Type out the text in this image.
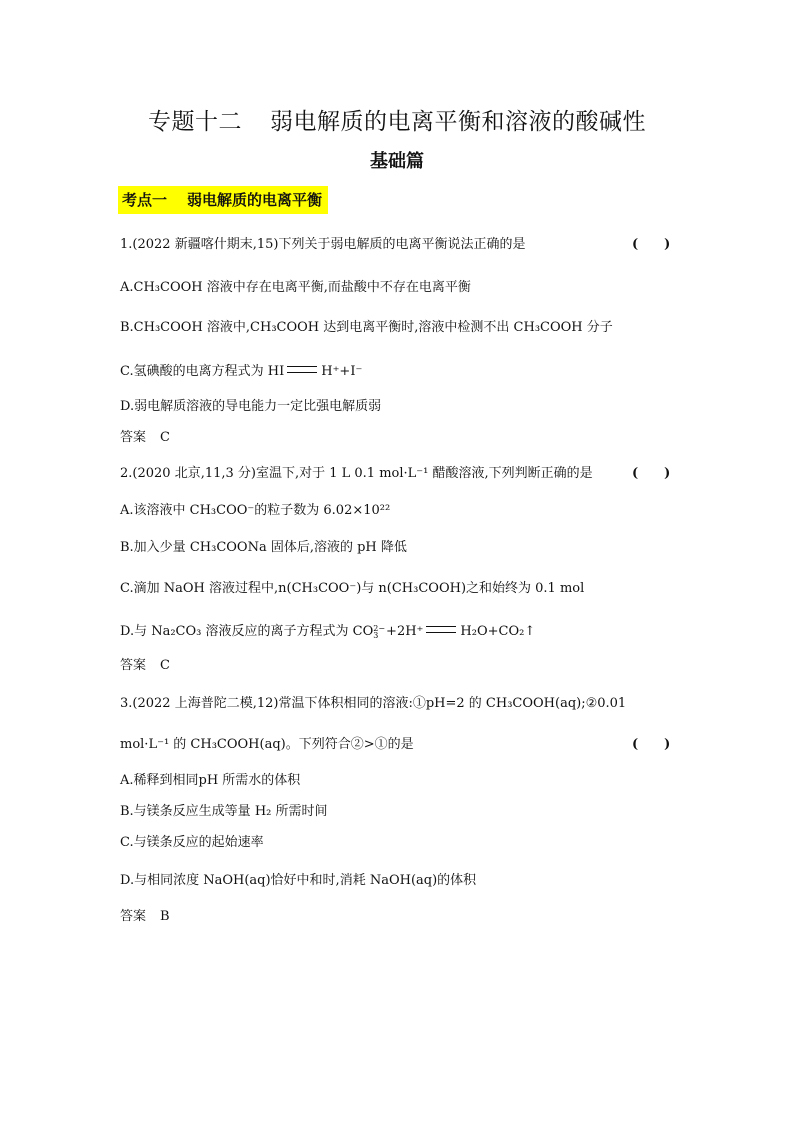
专题十二 弱电解质的电离平衡和溶液的酸碱性
基础篇
考点一 弱电解质的电离平衡
1.(2022 新疆喀什期末,15)下列关于弱电解质的电离平衡说法正确的是	(　　)
A.CH₃COOH 溶液中存在电离平衡,而盐酸中不存在电离平衡
B.CH₃COOH 溶液中,CH₃COOH 达到电离平衡时,溶液中检测不出 CH₃COOH 分子
C.氢碘酸的电离方程式为 HI	H⁺+I⁻
D.弱电解质溶液的导电能力一定比强电解质弱
答案 C
2.(2020 北京,11,3 分)室温下,对于 1 L 0.1 mol·L⁻¹ 醋酸溶液,下列判断正确的是	(　　)
A.该溶液中 CH₃COO⁻的粒子数为 6.02×10²²
B.加入少量 CH₃COONa 固体后,溶液的 pH 降低
C.滴加 NaOH 溶液过程中,n(CH₃COO⁻)与 n(CH₃COOH)之和始终为 0.1 mol
D.与 Na₂CO₃ 溶液反应的离子方程式为 CO2−
3 +2H⁺	H₂O+CO₂↑
答案 C
3.(2022 上海普陀二模,12)常温下体积相同的溶液:①pH=2 的 CH₃COOH(aq);②0.01
mol·L⁻¹ 的 CH₃COOH(aq)。下列符合②>①的是	(　　)
A.稀释到相同pH 所需水的体积
B.与镁条反应生成等量 H₂ 所需时间
C.与镁条反应的起始速率
D.与相同浓度 NaOH(aq)恰好中和时,消耗 NaOH(aq)的体积
答案 B
